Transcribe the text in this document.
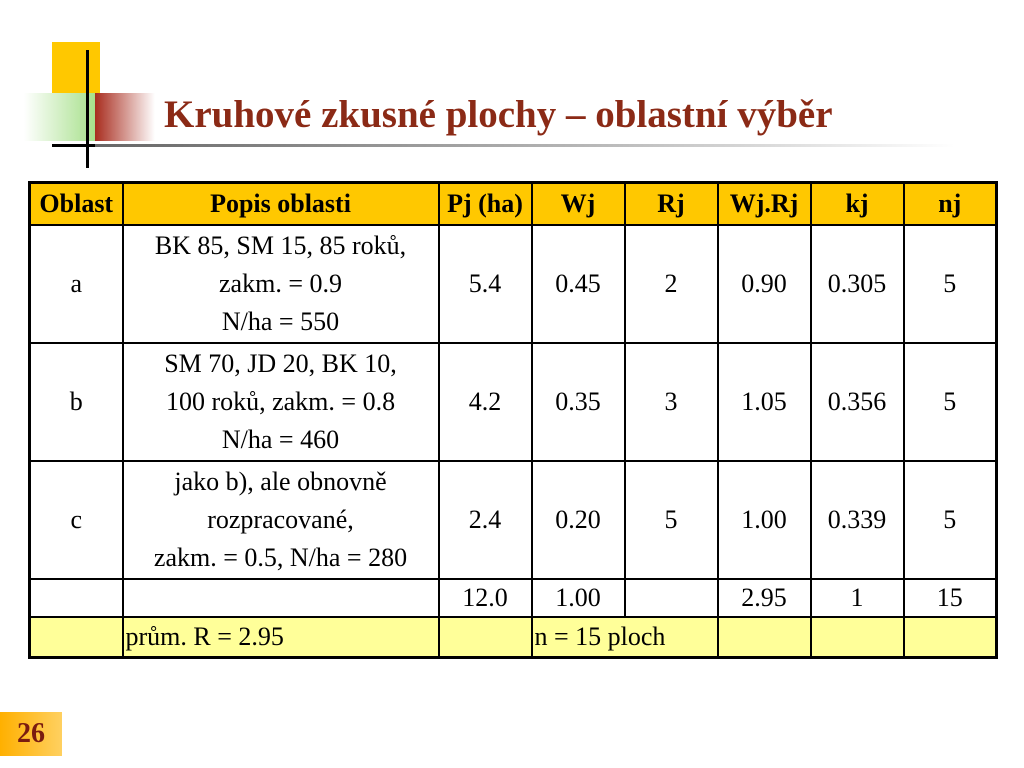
Kruhové zkusné plochy – oblastní výběr
Oblast	Popis oblasti	Pj (ha)	Wj	Rj	Wj.Rj	kj	nj
a	BK 85, SM 15, 85 roků,
zakm. = 0.9
N/ha = 550	5.4	0.45	2	0.90	0.305	5
b	SM 70, JD 20, BK 10,
100 roků, zakm. = 0.8
N/ha = 460	4.2	0.35	3	1.05	0.356	5
c	jako b), ale obnovně
rozpracované,
zakm. = 0.5, N/ha = 280	2.4	0.20	5	1.00	0.339	5
		12.0	1.00		2.95	1	15
	prům. R = 2.95		n = 15 ploch				
26
